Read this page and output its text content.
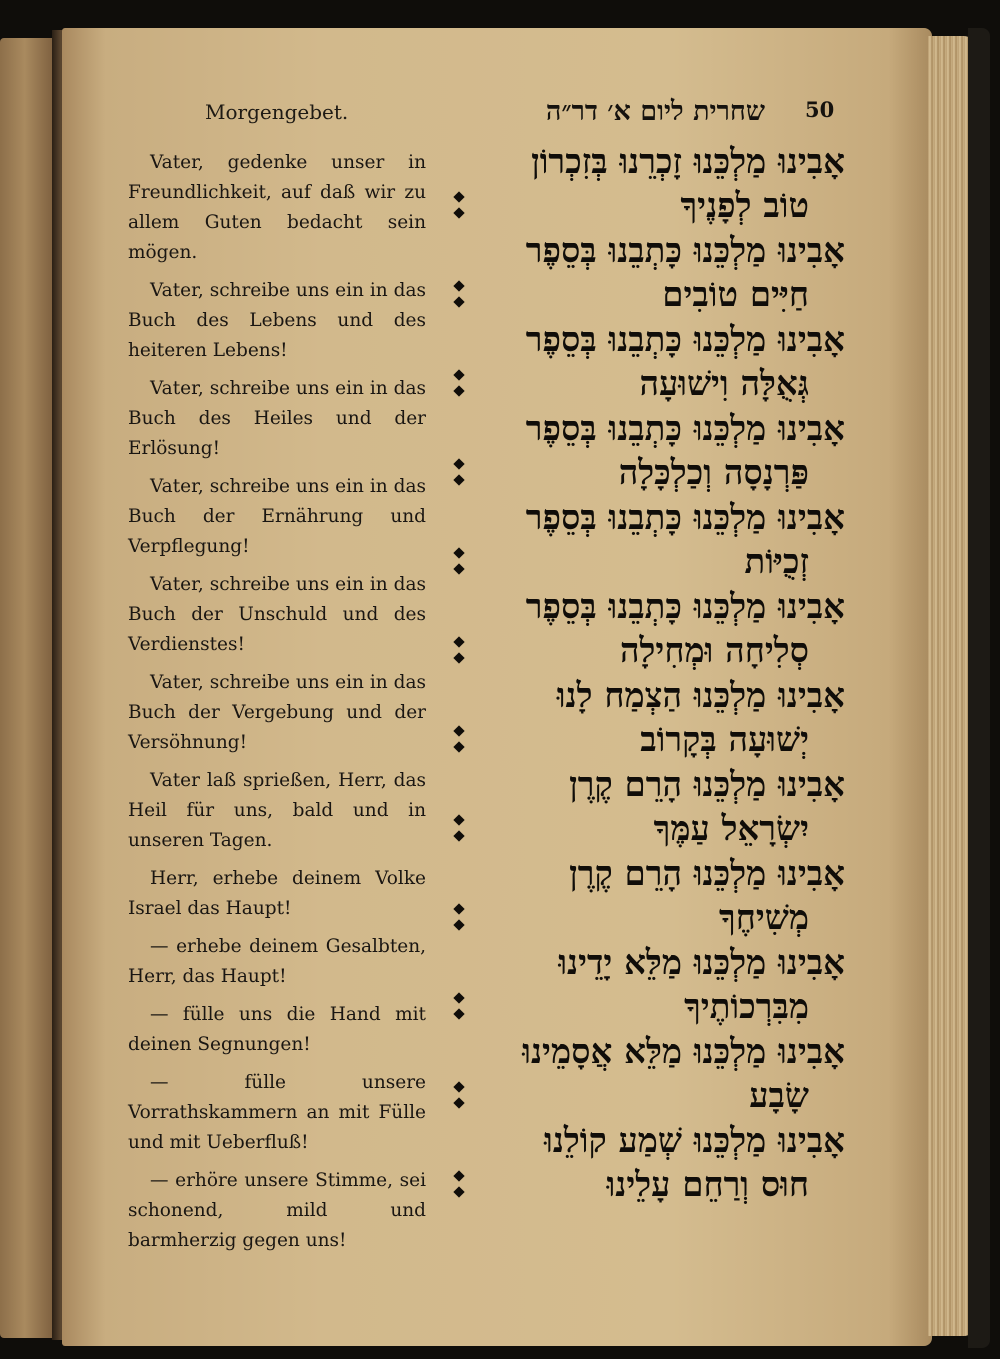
Morgengebet.	שחרית ליום א׳ דר״ה 50

Vater, gedenke unser in Freundlichkeit, auf daß wir zu allem Guten bedacht sein mögen.

Vater, schreibe uns ein in das Buch des Lebens und des heiteren Lebens!

Vater, schreibe uns ein in das Buch des Heiles und der Erlösung!

Vater, schreibe uns ein in das Buch der Ernährung und Verpflegung!

Vater, schreibe uns ein in das Buch der Unschuld und des Verdienstes!

Vater, schreibe uns ein in das Buch der Vergebung und der Versöhnung!

Vater laß sprießen, Herr, das Heil für uns, bald und in unseren Tagen.

Herr, erhebe deinem Volke Israel das Haupt!

— erhebe deinem Gesalbten, Herr, das Haupt!

— fülle uns die Hand mit deinen Segnungen!

— fülle unsere Vorrathskammern an mit Fülle und mit Ueberfluß!

— erhöre unsere Stimme, sei schonend, mild und barmherzig gegen uns!

אָבִינוּ מַלְכֵּנוּ זָכְרֵנוּ בְּזִכְרוֹן
טוֹב לְפָנֶיךָ
אָבִינוּ מַלְכֵּנוּ כָּתְבֵנוּ בְּסֵפֶר
חַיִּים טוֹבִים
אָבִינוּ מַלְכֵּנוּ כָּתְבֵנוּ בְּסֵפֶר
גְּאֻלָּה וִישׁוּעָה
אָבִינוּ מַלְכֵּנוּ כָּתְבֵנוּ בְּסֵפֶר
פַּרְנָסָה וְכַלְכָּלָה
אָבִינוּ מַלְכֵּנוּ כָּתְבֵנוּ בְּסֵפֶר
זְכֻיּוֹת
אָבִינוּ מַלְכֵּנוּ כָּתְבֵנוּ בְּסֵפֶר
סְלִיחָה וּמְחִילָה
אָבִינוּ מַלְכֵּנוּ הַצְמַח לָנוּ
יְשׁוּעָה בְּקָרוֹב
אָבִינוּ מַלְכֵּנוּ הָרֵם קֶרֶן
יִשְׂרָאֵל עַמֶּךָ
אָבִינוּ מַלְכֵּנוּ הָרֵם קֶרֶן
מְשִׁיחֶךָ
אָבִינוּ מַלְכֵּנוּ מַלֵּא יָדֵינוּ
מִבִּרְכוֹתֶיךָ
אָבִינוּ מַלְכֵּנוּ מַלֵּא אֲסָמֵינוּ
שָׂבָע
אָבִינוּ מַלְכֵּנוּ שְׁמַע קוֹלֵנוּ
חוּס וְרַחֵם עָלֵינוּ
